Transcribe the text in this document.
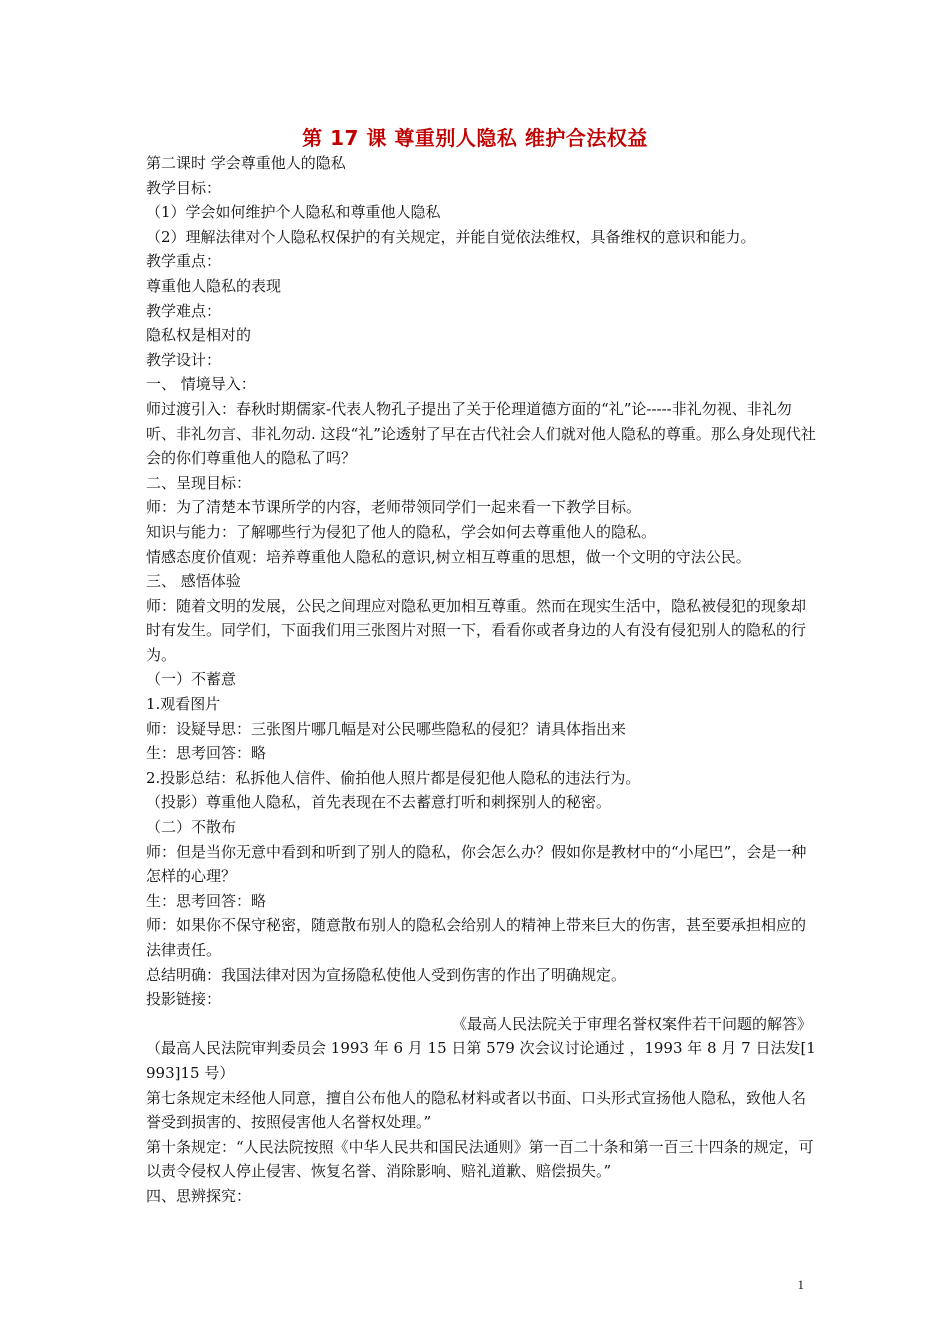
第 17 课 尊重别人隐私 维护合法权益

第二课时 学会尊重他人的隐私

教学目标：

（1）学会如何维护个人隐私和尊重他人隐私

（2）理解法律对个人隐私权保护的有关规定，并能自觉依法维权，具备维权的意识和能力。

教学重点：

尊重他人隐私的表现

教学难点：

隐私权是相对的

教学设计：

一、 情境导入：

师过渡引入：春秋时期儒家-代表人物孔子提出了关于伦理道德方面的“礼”论-----非礼勿视、非礼勿听、非礼勿言、非礼勿动. 这段“礼”论透射了早在古代社会人们就对他人隐私的尊重。那么身处现代社会的你们尊重他人的隐私了吗？

二、呈现目标：

师：为了清楚本节课所学的内容，老师带领同学们一起来看一下教学目标。

知识与能力：了解哪些行为侵犯了他人的隐私，学会如何去尊重他人的隐私。

情感态度价值观：培养尊重他人隐私的意识,树立相互尊重的思想，做一个文明的守法公民。

三、 感悟体验

师：随着文明的发展，公民之间理应对隐私更加相互尊重。然而在现实生活中，隐私被侵犯的现象却时有发生。同学们，下面我们用三张图片对照一下，看看你或者身边的人有没有侵犯别人的隐私的行为。

（一）不蓄意

1.观看图片

师：设疑导思：三张图片哪几幅是对公民哪些隐私的侵犯？请具体指出来

生：思考回答：略

2.投影总结：私拆他人信件、偷拍他人照片都是侵犯他人隐私的违法行为。

（投影）尊重他人隐私，首先表现在不去蓄意打听和刺探别人的秘密。

（二）不散布

师：但是当你无意中看到和听到了别人的隐私，你会怎么办？假如你是教材中的“小尾巴”，会是一种怎样的心理？

生：思考回答：略

师：如果你不保守秘密，随意散布别人的隐私会给别人的精神上带来巨大的伤害，甚至要承担相应的法律责任。

总结明确：我国法律对因为宣扬隐私使他人受到伤害的作出了明确规定。

投影链接：

《最高人民法院关于审理名誉权案件若干问题的解答》

（最高人民法院审判委员会 1993 年 6 月 15 日第 579 次会议讨论通过 ，1993 年 8 月 7 日法发[1993]15 号）

第七条规定未经他人同意，擅自公布他人的隐私材料或者以书面、口头形式宣扬他人隐私，致他人名誉受到损害的、按照侵害他人名誉权处理。”

第十条规定：“人民法院按照《中华人民共和国民法通则》第一百二十条和第一百三十四条的规定，可以责令侵权人停止侵害、恢复名誉、消除影响、赔礼道歉、赔偿损失。”

四、思辨探究：

1
